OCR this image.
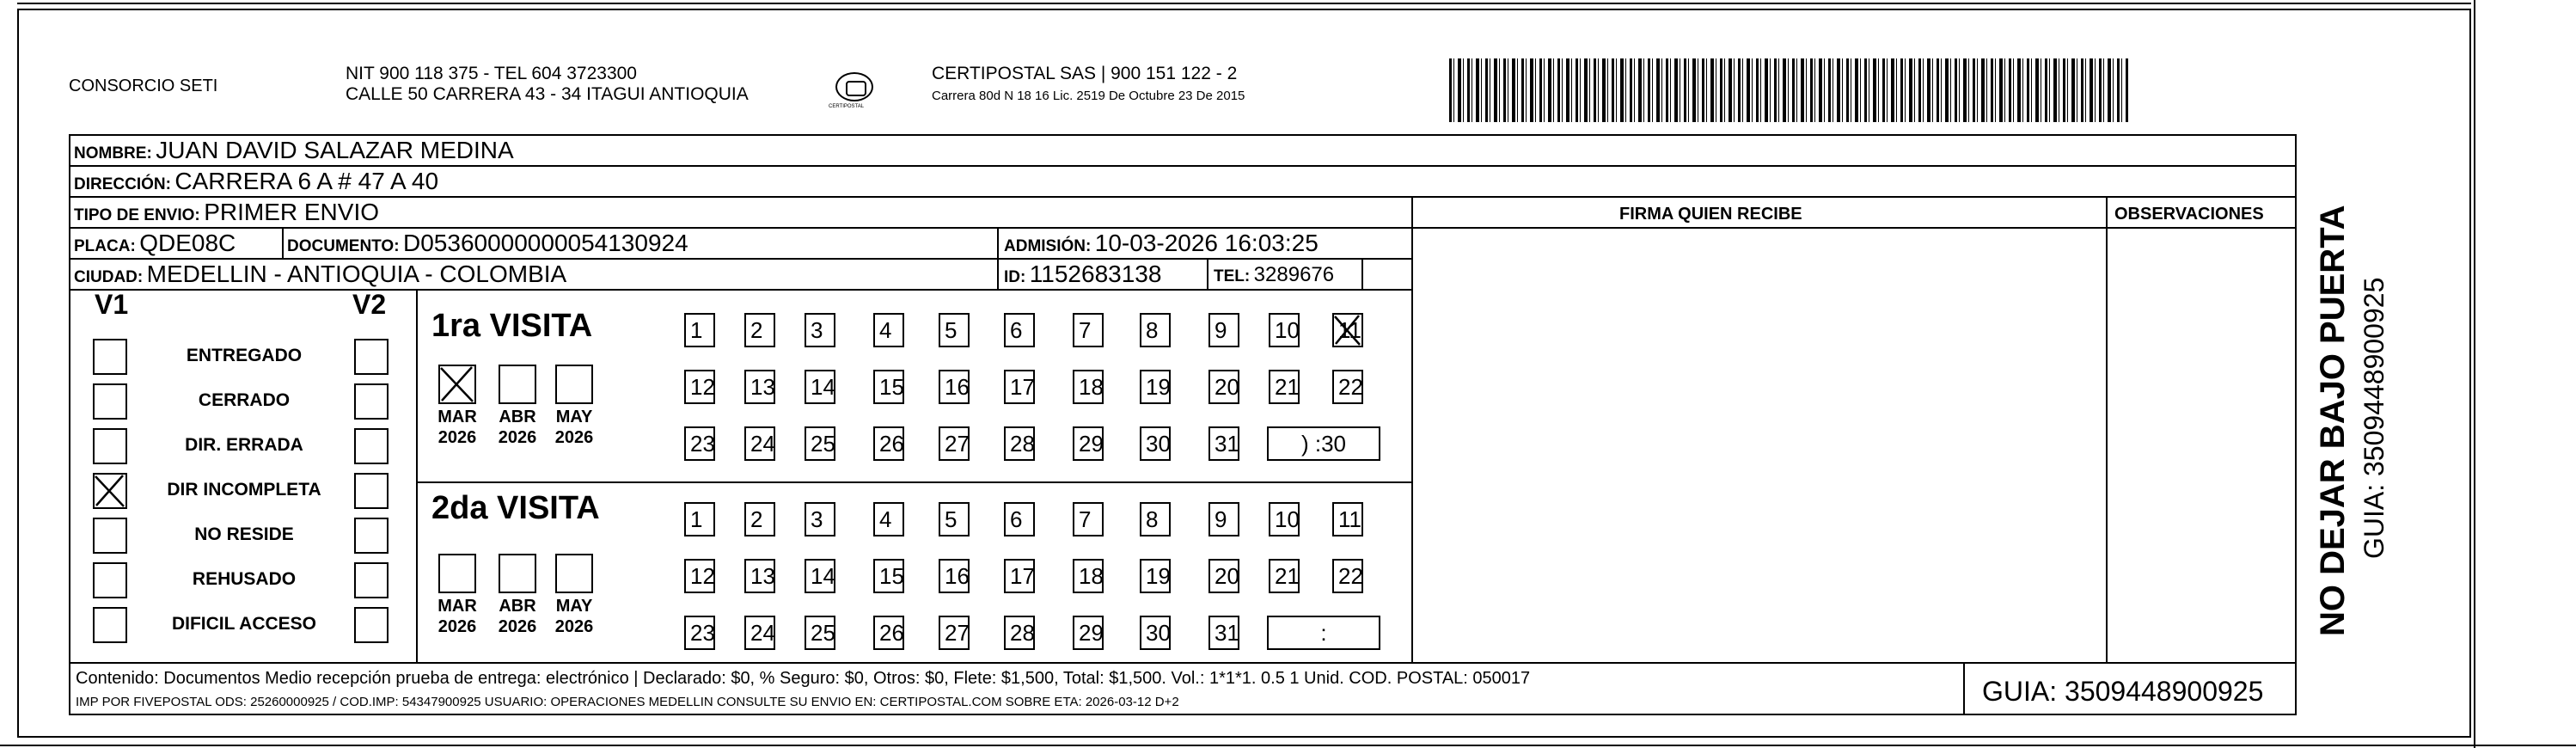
CONSORCIO SETI
NIT 900 118 375 - TEL 604 3723300
CALLE 50 CARRERA 43 - 34 ITAGUI ANTIOQUIA
CERTIPOSTAL
CERTIPOSTAL SAS | 900 151 122 - 2
Carrera 80d N 18 16 Lic. 2519 De Octubre 23 De 2015
NOMBRE: JUAN DAVID SALAZAR MEDINA
DIRECCIÓN: CARRERA 6 A # 47 A 40
TIPO DE ENVIO: PRIMER ENVIO	FIRMA QUIEN RECIBE	OBSERVACIONES
PLACA: QDE08C	DOCUMENTO: D05360000000054130924	ADMISIÓN: 10-03-2026 16:03:25
CIUDAD: MEDELLIN - ANTIOQUIA - COLOMBIA	ID: 1152683138	TEL: 3289676
V1	V2
ENTREGADO
CERRADO
DIR. ERRADA
DIR INCOMPLETA
NO RESIDE
REHUSADO
DIFICIL ACCESO
1ra VISITA
2da VISITA
1	2	3	4	5	6	7	8	9	10 11
12 13 14 15 16 17 18 19 20 21 22
23 24 25 26 27 28 29 30 31	) :30
MAR
2026
ABR
2026
MAY
2026
1	2	3	4	5	6	7	8	9	10 11
12 13 14 15 16 17 18 19 20 21 22
23 24 25 26 27 28 29 30 31	:
MAR
2026
ABR
2026
MAY
2026
Contenido: Documentos Medio recepción prueba de entrega: electrónico | Declarado: $0, % Seguro: $0, Otros: $0, Flete: $1,500, Total: $1,500. Vol.: 1*1*1. 0.5 1 Unid. COD. POSTAL: 050017
IMP POR FIVEPOSTAL ODS: 25260000925 / COD.IMP: 54347900925 USUARIO: OPERACIONES MEDELLIN CONSULTE SU ENVIO EN: CERTIPOSTAL.COM SOBRE ETA: 2026-03-12 D+2	GUIA: 3509448900925
NO DEJAR BAJO PUERTA GUIA: 3509448900925
